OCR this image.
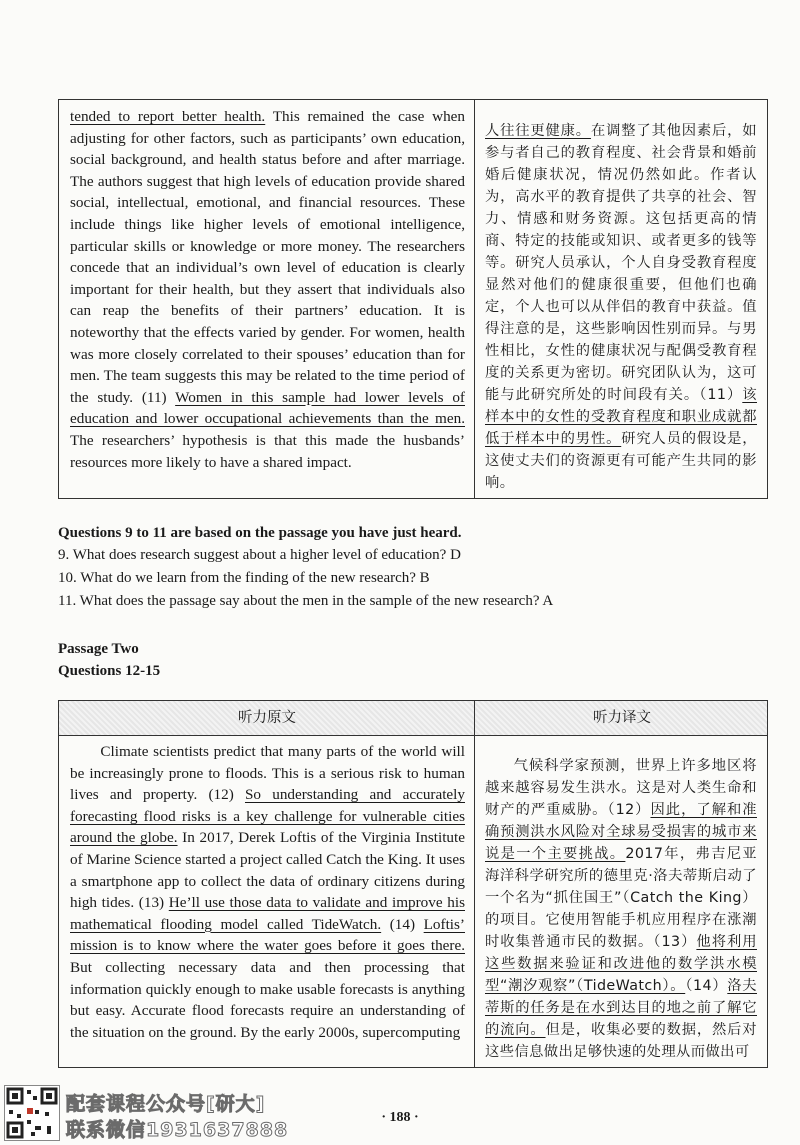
tended to report better health. This remained the case when adjusting for other factors, such as participants’ own education, social background, and health status before and after marriage. The authors suggest that high levels of education provide shared social, intellectual, emotional, and financial resources. These include things like higher levels of emotional intelligence, particular skills or knowledge or more money. The researchers concede that an individual’s own level of education is clearly important for their health, but they assert that individuals also can reap the benefits of their partners’ education. It is noteworthy that the effects varied by gender. For women, health was more closely correlated to their spouses’ education than for men. The team suggests this may be related to the time period of the study. (11) Women in this sample had lower levels of education and lower occupational achievements than the men. The researchers’ hypothesis is that this made the husbands’ resources more likely to have a shared impact.

人往往更健康。在调整了其他因素后，如参与者自己的教育程度、社会背景和婚前婚后健康状况，情况仍然如此。作者认为，高水平的教育提供了共享的社会、智力、情感和财务资源。这包括更高的情商、特定的技能或知识、或者更多的钱等等。研究人员承认，个人自身受教育程度显然对他们的健康很重要，但他们也确定，个人也可以从伴侣的教育中获益。值得注意的是，这些影响因性别而异。与男性相比，女性的健康状况与配偶受教育程度的关系更为密切。研究团队认为，这可能与此研究所处的时间段有关。（11）该样本中的女性的受教育程度和职业成就都低于样本中的男性。研究人员的假设是，这使丈夫们的资源更有可能产生共同的影响。

Questions 9 to 11 are based on the passage you have just heard.
9. What does research suggest about a higher level of education? D
10. What do we learn from the finding of the new research? B
11. What does the passage say about the men in the sample of the new research? A
Passage Two
Questions 12-15
听力原文	听力译文

Climate scientists predict that many parts of the world will be increasingly prone to floods. This is a serious risk to human lives and property. (12) So understanding and accurately forecasting flood risks is a key challenge for vulnerable cities around the globe. In 2017, Derek Loftis of the Virginia Institute of Marine Science started a project called Catch the King. It uses a smartphone app to collect the data of ordinary citizens during high tides. (13) He’ll use those data to validate and improve his mathematical flooding model called TideWatch. (14) Loftis’ mission is to know where the water goes before it goes there. But collecting necessary data and then processing that information quickly enough to make usable forecasts is anything but easy. Accurate flood forecasts require an understanding of the situation on the ground. By the early 2000s, supercomputing

气候科学家预测，世界上许多地区将越来越容易发生洪水。这是对人类生命和财产的严重威胁。（12）因此，了解和准确预测洪水风险对全球易受损害的城市来说是一个主要挑战。2017年，弗吉尼亚海洋科学研究所的德里克·洛夫蒂斯启动了一个名为“抓住国王”（Catch the King）的项目。它使用智能手机应用程序在涨潮时收集普通市民的数据。（13）他将利用这些数据来验证和改进他的数学洪水模型“潮汐观察”（TideWatch）。（14）洛夫蒂斯的任务是在水到达目的地之前了解它的流向。但是，收集必要的数据，然后对这些信息做出足够快速的处理从而做出可

· 188 ·
配套课程公众号[研大]
联系微信1931637888
